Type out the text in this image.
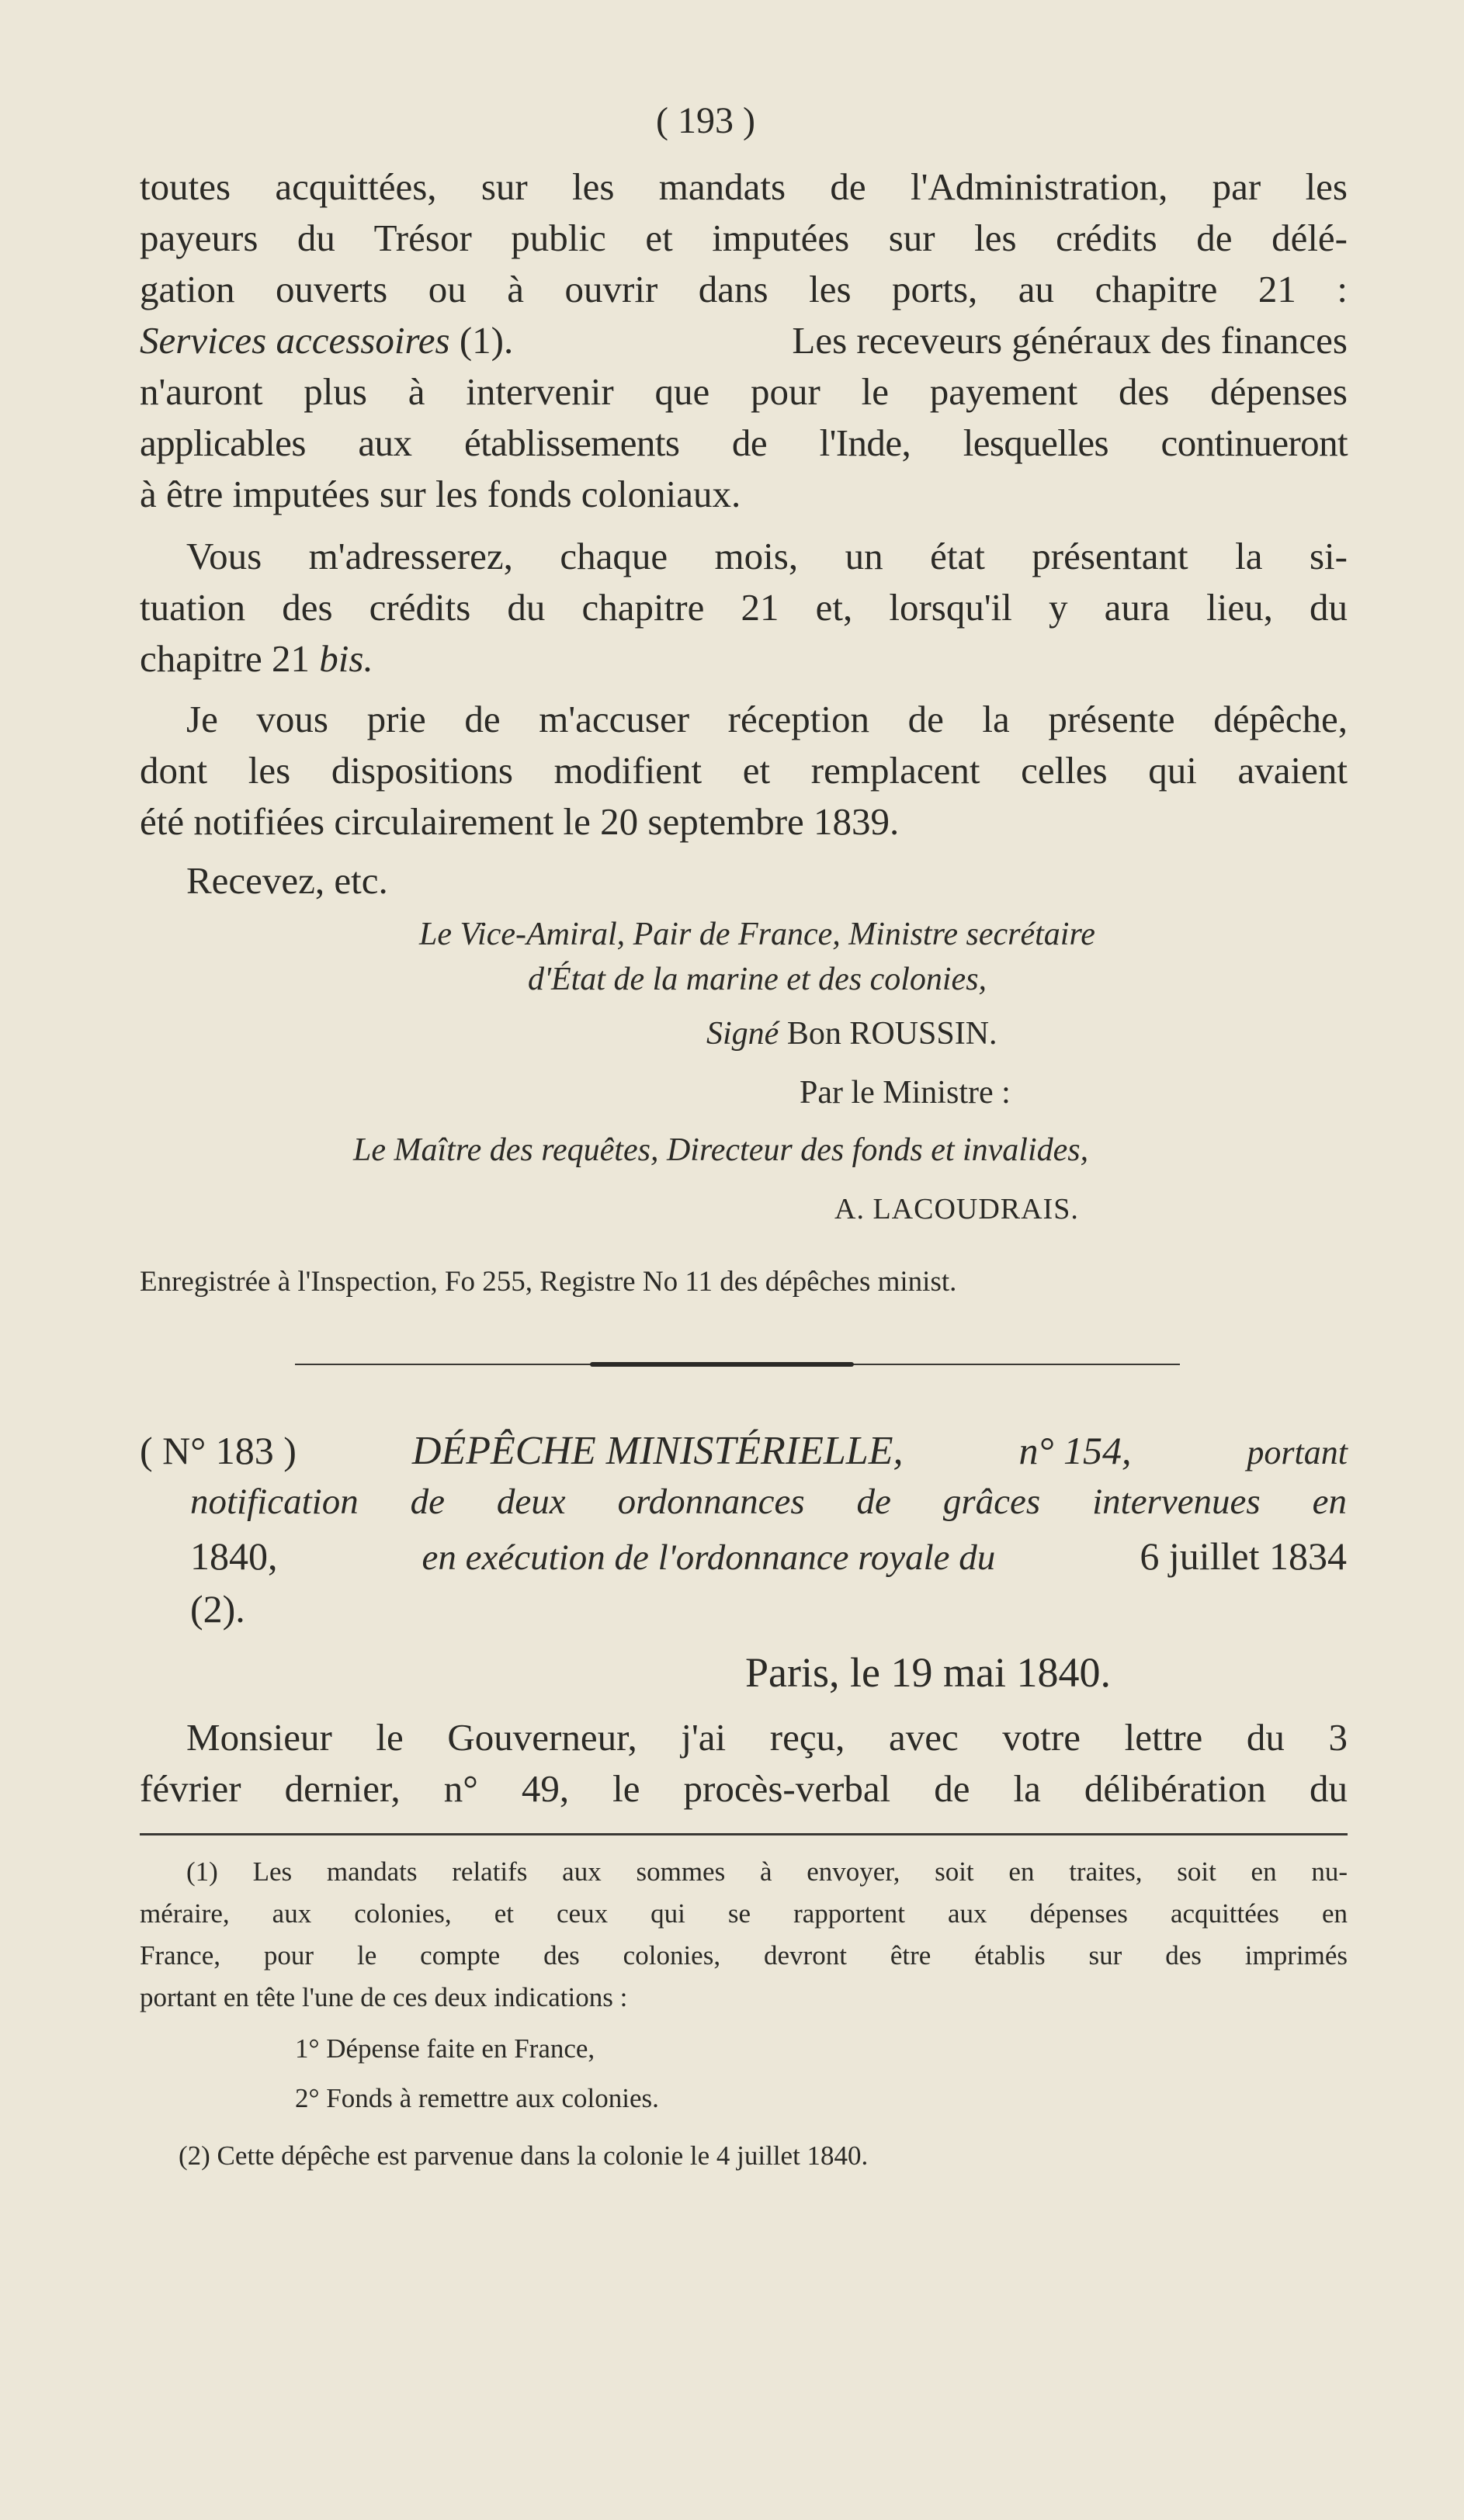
( 193 )
toutes acquittées, sur les mandats de l'Administration, par les
payeurs du Trésor public et imputées sur les crédits de délé-
gation ouverts ou à ouvrir dans les ports, au chapitre 21 :
Services accessoires (1).	Les receveurs généraux des finances
n'auront plus à intervenir que pour le payement des dépenses
applicables aux établissements de l'Inde, lesquelles continueront
à être imputées sur les fonds coloniaux.
Vous m'adresserez, chaque mois, un état présentant la si-
tuation des crédits du chapitre 21 et, lorsqu'il y aura lieu, du
chapitre 21 bis.
Je vous prie de m'accuser réception de la présente dépêche,
dont les dispositions modifient et remplacent celles qui avaient
été notifiées circulairement le 20 septembre 1839.
Recevez, etc.
Le Vice-Amiral, Pair de France, Ministre secrétaire
d'État de la marine et des colonies,
Signé Bon ROUSSIN.
Par le Ministre :
Le Maître des requêtes, Directeur des fonds et invalides,
A. LACOUDRAIS.
Enregistrée à l'Inspection, Fo 255, Registre No 11 des dépêches minist.
( N° 183 )	DÉPÊCHE MINISTÉRIELLE,	n° 154,	portant
notification de deux ordonnances de grâces intervenues en
1840,	en exécution de l'ordonnance royale du	6 juillet 1834
(2).
Paris, le 19 mai 1840.
Monsieur le Gouverneur, j'ai reçu, avec votre lettre du 3
février dernier, n° 49, le procès-verbal de la délibération du
(1) Les mandats relatifs aux sommes à envoyer, soit en traites, soit en nu-
méraire, aux colonies, et ceux qui se rapportent aux dépenses acquittées en
France, pour le compte des colonies, devront être établis sur des imprimés
portant en tête l'une de ces deux indications :
1° Dépense faite en France,
2° Fonds à remettre aux colonies.
(2) Cette dépêche est parvenue dans la colonie le 4 juillet 1840.
